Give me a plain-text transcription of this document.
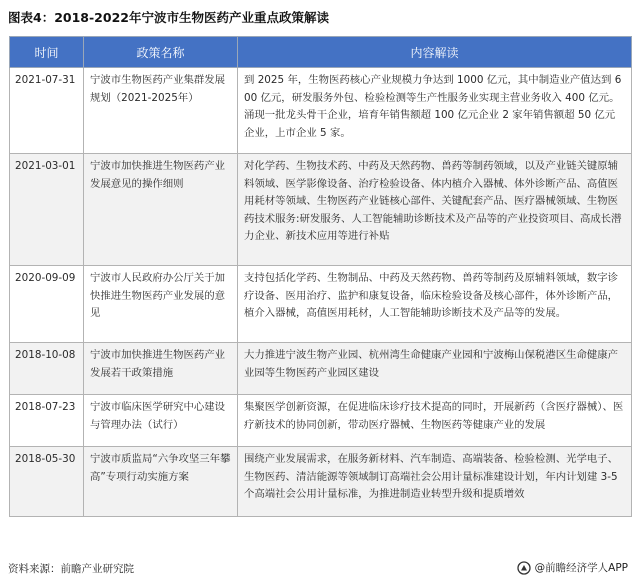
图表4：2018-2022年宁波市生物医药产业重点政策解读
时间	政策名称	内容解读
2021-07-31	宁波市生物医药产业集群发展规划（2021-2025年）	到 2025 年，生物医药核心产业规模力争达到 1000 亿元，其中制造业产值达到 600 亿元，研发服务外包、检验检测等生产性服务业实现主营业务收入 400 亿元。涌现一批龙头骨干企业，培育年销售额超 100 亿元企业 2 家年销售额超 50 亿元企业，上市企业 5 家。
2021-03-01	宁波市加快推进生物医药产业发展意见的操作细则	对化学药、生物技术药、中药及天然药物、兽药等制药领域，以及产业链关键原辅料领域、医学影像设备、治疗检验设备、体内植介入器械、体外诊断产品、高值医用耗材等领域、生物医药产业链核心部件、关键配套产品、医疗器械领域、生物医药技术服务:研发服务、人工智能辅助诊断技术及产品等的产业投资项目、高成长潜力企业、新技术应用等进行补贴
2020-09-09	宁波市人民政府办公厅关于加快推进生物医药产业发展的意见	支持包括化学药、生物制品、中药及天然药物、兽药等制药及原辅料领域，数字诊疗设备、医用治疗、监护和康复设备，临床检验设备及核心部件，体外诊断产品，植介入器械，高值医用耗材，人工智能辅助诊断技术及产品等的发展。
2018-10-08	宁波市加快推进生物医药产业发展若干政策措施	大力推进宁波生物产业园、杭州湾生命健康产业园和宁波梅山保税港区生命健康产业园等生物医药产业园区建设
2018-07-23	宁波市临床医学研究中心建设与管理办法（试行）	集聚医学创新资源，在促进临床诊疗技术提高的同时，开展新药（含医疗器械）、医疗新技术的协同创新，带动医疗器械、生物医药等健康产业的发展
2018-05-30	宁波市质监局“六争攻坚三年攀高”专项行动实施方案	围绕产业发展需求，在服务新材料、汽车制造、高端装备、检验检测、光学电子、生物医药、清洁能源等领域制订高端社会公用计量标准建设计划，年内计划建 3-5 个高端社会公用计量标准，为推进制造业转型升级和提质增效
资料来源：前瞻产业研究院	@前瞻经济学人APP
